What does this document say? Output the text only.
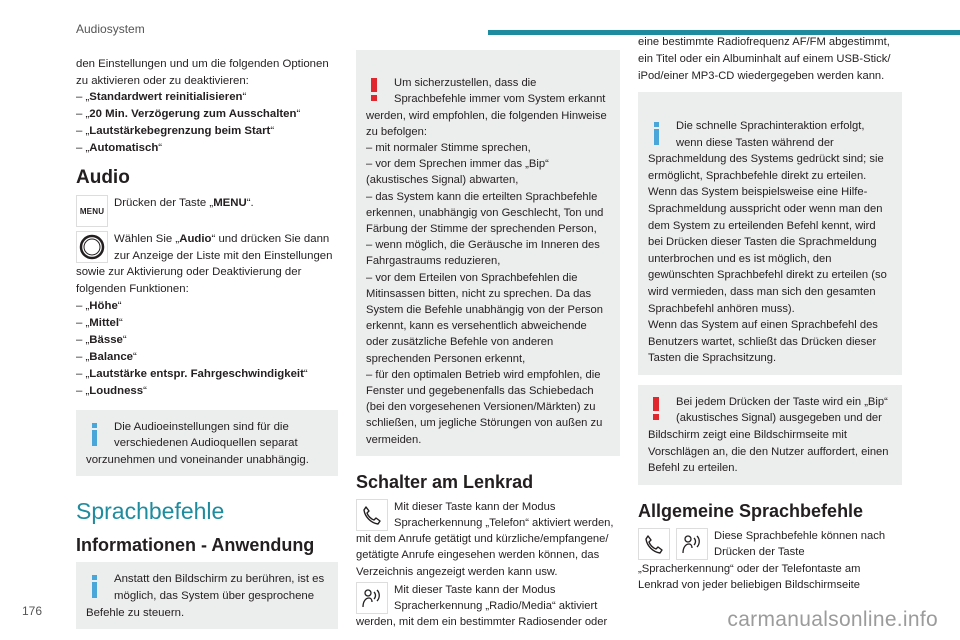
Audiosystem
den Einstellungen und um die folgenden Optionen zu aktivieren oder zu deaktivieren:
– „Standardwert reinitialisieren“
– „20 Min. Verzögerung zum Ausschalten“
– „Lautstärkebegrenzung beim Start“
– „Automatisch“
Audio
MENU
Drücken der Taste „MENU“.
Wählen Sie „Audio“ und drücken Sie dann zur Anzeige der Liste mit den Einstellungen sowie zur Aktivierung oder Deaktivierung der folgenden Funktionen:
– „Höhe“
– „Mittel“
– „Bässe“
– „Balance“
– „Lautstärke entspr. Fahrgeschwindigkeit“
– „Loudness“
Die Audioeinstellungen sind für die verschiedenen Audioquellen separat vorzunehmen und voneinander unabhängig.
Sprachbefehle
Informationen - Anwendung
Anstatt den Bildschirm zu berühren, ist es möglich, das System über gesprochene Befehle zu steuern.

Um sicherzustellen, dass die Sprachbefehle immer vom System erkannt werden, wird empfohlen, die folgenden Hinweise zu befolgen:
– mit normaler Stimme sprechen,
– vor dem Sprechen immer das „Bip“ (akustisches Signal) abwarten,
– das System kann die erteilten Sprachbefehle erkennen, unabhängig von Geschlecht, Ton und Färbung der Stimme der sprechenden Person,
– wenn möglich, die Geräusche im Inneren des Fahrgastraums reduzieren,
– vor dem Erteilen von Sprachbefehlen die Mitinsassen bitten, nicht zu sprechen. Da das System die Befehle unabhängig von der Person erkennt, kann es versehentlich abweichende oder zusätzliche Befehle von anderen sprechenden Personen erkennt,
– für den optimalen Betrieb wird empfohlen, die Fenster und gegebenenfalls das Schiebedach (bei den vorgesehenen Versionen/Märkten) zu schließen, um jegliche Störungen von außen zu vermeiden.

Schalter am Lenkrad
Mit dieser Taste kann der Modus Spracherkennung „Telefon“ aktiviert werden, mit dem Anrufe getätigt und kürzliche/empfangene/ getätigte Anrufe eingesehen werden können, das Verzeichnis angezeigt werden kann usw.
Mit dieser Taste kann der Modus Spracherkennung „Radio/Media“ aktiviert werden, mit dem ein bestimmter Radiosender oder
eine bestimmte Radiofrequenz AF/FM abgestimmt, ein Titel oder ein Albuminhalt auf einem USB-Stick/ iPod/einer MP3-CD wiedergegeben werden kann.

Die schnelle Sprachinteraktion erfolgt, wenn diese Tasten während der Sprachmeldung des Systems gedrückt sind; sie ermöglicht, Sprachbefehle direkt zu erteilen.
Wenn das System beispielsweise eine Hilfe-Sprachmeldung ausspricht oder wenn man den dem System zu erteilenden Befehl kennt, wird bei Drücken dieser Tasten die Sprachmeldung unterbrochen und es ist möglich, den gewünschten Sprachbefehl direkt zu erteilen (so wird vermieden, dass man sich den gesamten Sprachbefehl anhören muss).
Wenn das System auf einen Sprachbefehl des Benutzers wartet, schließt das Drücken dieser Tasten die Sprachsitzung.

Bei jedem Drücken der Taste wird ein „Bip“ (akustisches Signal) ausgegeben und der Bildschirm zeigt eine Bildschirmseite mit Vorschlägen an, die den Nutzer auffordert, einen Befehl zu erteilen.
Allgemeine Sprachbefehle
Diese Sprachbefehle können nach Drücken der Taste „Spracherkennung“ oder der Telefontaste am Lenkrad von jeder beliebigen Bildschirmseite
176	carmanualsonline.info
